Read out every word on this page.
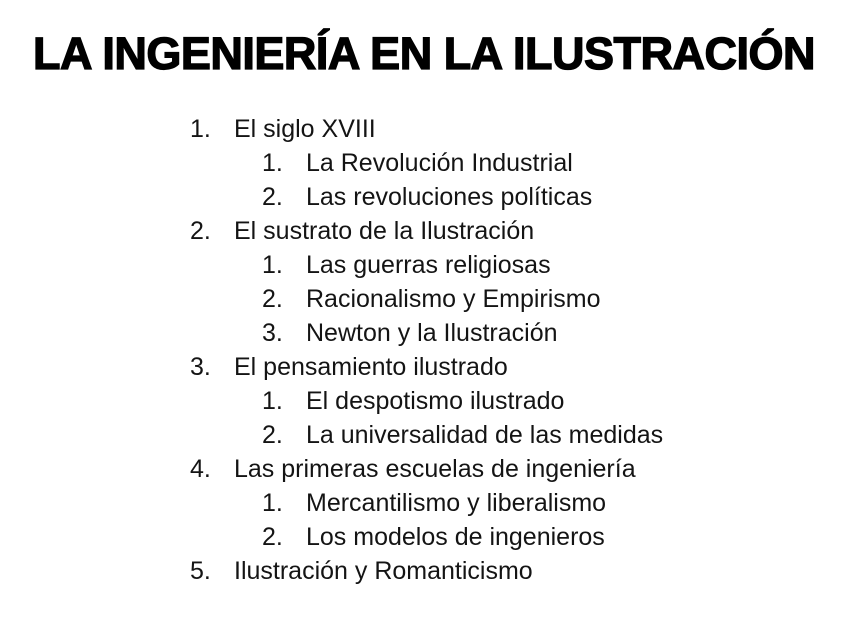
LA INGENIERÍA EN LA ILUSTRACIÓN
1. El siglo XVIII
1. La Revolución Industrial
2. Las revoluciones políticas
2. El sustrato de la Ilustración
1. Las guerras religiosas
2. Racionalismo y Empirismo
3. Newton y la Ilustración
3. El pensamiento ilustrado
1. El despotismo ilustrado
2. La universalidad de las medidas
4. Las primeras escuelas de ingeniería
1. Mercantilismo y liberalismo
2. Los modelos de ingenieros
5. Ilustración y Romanticismo
